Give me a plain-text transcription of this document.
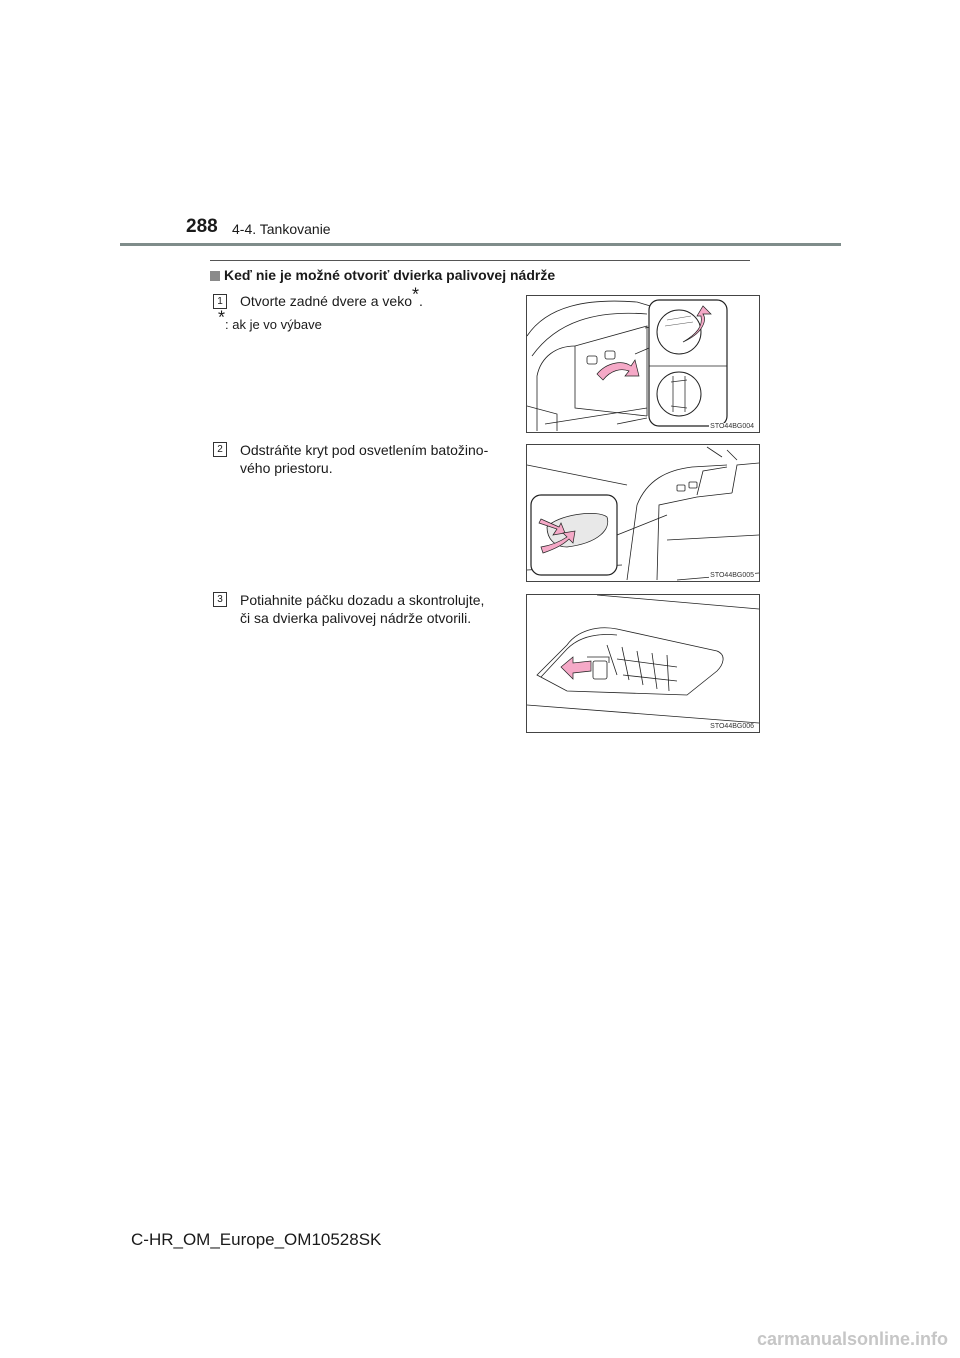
288 4-4. Tankovanie
Keď nie je možné otvoriť dvierka palivovej nádrže
1	Otvorte zadné dvere a veko*.
*: ak je vo výbave
STO44BG004
2	Odstráňte kryt pod osvetlením batožino-
vého priestoru.
STO44BG005
3	Potiahnite páčku dozadu a skontrolujte,
či sa dvierka palivovej nádrže otvorili.
STO44BG006
C-HR_OM_Europe_OM10528SK
carmanualsonline.info
